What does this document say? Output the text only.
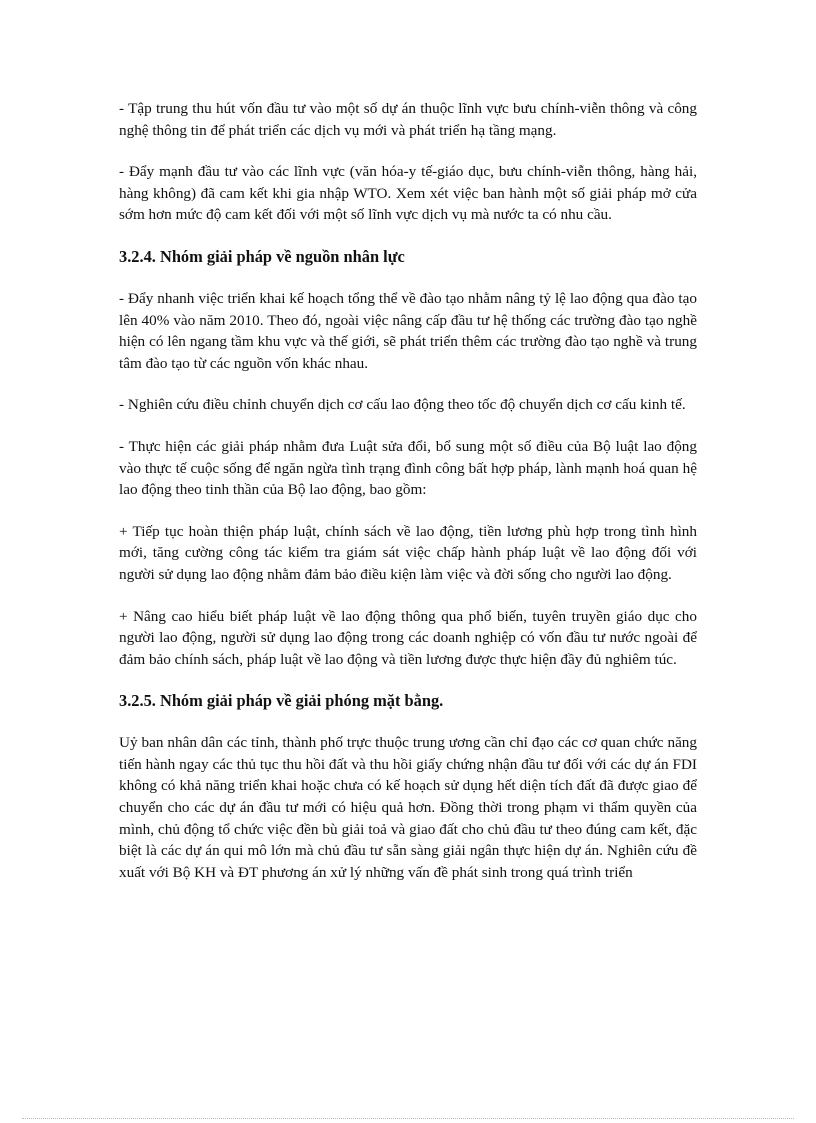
- Tập trung thu hút vốn đầu tư vào một số dự án thuộc lĩnh vực bưu chính-viễn thông và công nghệ thông tin để phát triển các dịch vụ mới và phát triển hạ tầng mạng.

- Đẩy mạnh đầu tư vào các lĩnh vực (văn hóa-y tế-giáo dục, bưu chính-viễn thông, hàng hải, hàng không) đã cam kết khi gia nhập WTO. Xem xét việc ban hành một số giải pháp mở cửa sớm hơn mức độ cam kết đối với một số lĩnh vực dịch vụ mà nước ta có nhu cầu.

3.2.4. Nhóm giải pháp về nguồn nhân lực

- Đẩy nhanh việc triển khai kế hoạch tổng thể về đào tạo nhằm nâng tỷ lệ lao động qua đào tạo lên 40% vào năm 2010. Theo đó, ngoài việc nâng cấp đầu tư hệ thống các trường đào tạo nghề hiện có lên ngang tầm khu vực và thế giới, sẽ phát triển thêm các trường đào tạo nghề và trung tâm đào tạo từ các nguồn vốn khác nhau.

- Nghiên cứu điều chỉnh chuyển dịch cơ cấu lao động theo tốc độ chuyển dịch cơ cấu kinh tế.

- Thực hiện các giải pháp nhằm đưa Luật sửa đổi, bổ sung một số điều của Bộ luật lao động vào thực tế cuộc sống để ngăn ngừa tình trạng đình công bất hợp pháp, lành mạnh hoá quan hệ lao động theo tinh thần của Bộ lao động, bao gồm:

+ Tiếp tục hoàn thiện pháp luật, chính sách về lao động, tiền lương phù hợp trong tình hình mới, tăng cường công tác kiểm tra giám sát việc chấp hành pháp luật về lao động đối với người sử dụng lao động nhằm đảm bảo điều kiện làm việc và đời sống cho người lao động.

+ Nâng cao hiểu biết pháp luật về lao động thông qua phổ biến, tuyên truyền giáo dục cho người lao động, người sử dụng lao động trong các doanh nghiệp có vốn đầu tư nước ngoài để đảm bảo chính sách, pháp luật về lao động và tiền lương được thực hiện đầy đủ nghiêm túc.

3.2.5. Nhóm giải pháp về giải phóng mặt bằng.

Uỷ ban nhân dân các tỉnh, thành phố trực thuộc trung ương cần chỉ đạo các cơ quan chức năng tiến hành ngay các thủ tục thu hồi đất và thu hồi giấy chứng nhận đầu tư đối với các dự án FDI không có khả năng triển khai hoặc chưa có kế hoạch sử dụng hết diện tích đất đã được giao để chuyển cho các dự án đầu tư mới có hiệu quả hơn. Đồng thời trong phạm vi thẩm quyền của mình, chủ động tổ chức việc đền bù giải toả và giao đất cho chủ đầu tư theo đúng cam kết, đặc biệt là các dự án qui mô lớn mà chủ đầu tư sẵn sàng giải ngân thực hiện dự án. Nghiên cứu đề xuất với Bộ KH và ĐT phương án xử lý những vấn đề phát sinh trong quá trình triển
